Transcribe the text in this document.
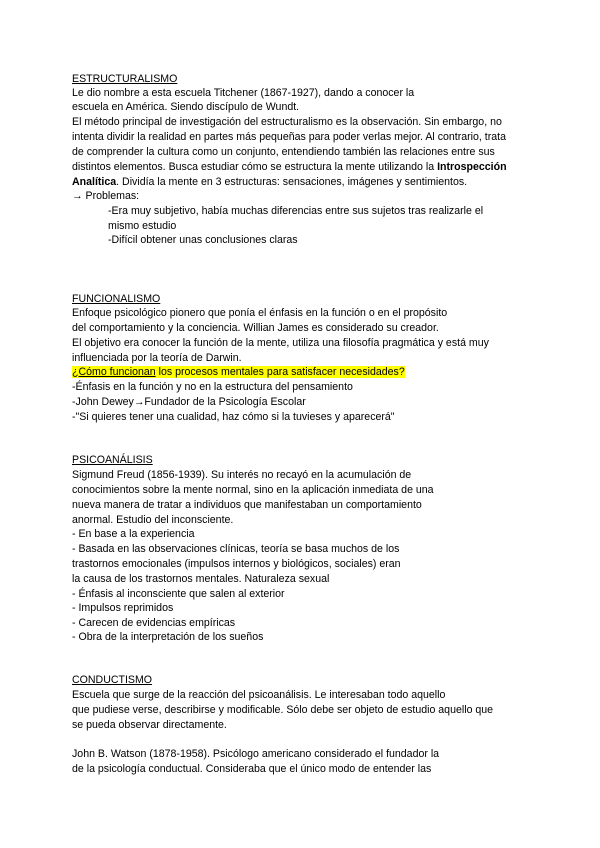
ESTRUCTURALISMO
Le dio nombre a esta escuela Titchener (1867-1927), dando a conocer la
escuela en América. Siendo discípulo de Wundt.
El método principal de investigación del estructuralismo es la observación. Sin embargo, no
intenta dividir la realidad en partes más pequeñas para poder verlas mejor. Al contrario, trata
de comprender la cultura como un conjunto, entendiendo también las relaciones entre sus
distintos elementos. Busca estudiar cómo se estructura la mente utilizando la Introspección
Analítica. Dividía la mente en 3 estructuras: sensaciones, imágenes y sentimientos.
→ Problemas:
-Era muy subjetivo, había muchas diferencias entre sus sujetos tras realizarle el
mismo estudio
-Difícil obtener unas conclusiones claras
FUNCIONALISMO
Enfoque psicológico pionero que ponía el énfasis en la función o en el propósito
del comportamiento y la conciencia. Willian James es considerado su creador.
El objetivo era conocer la función de la mente, utiliza una filosofía pragmática y está muy
influenciada por la teoría de Darwin.
¿Cómo funcionan los procesos mentales para satisfacer necesidades?
-Énfasis en la función y no en la estructura del pensamiento
-John Dewey→Fundador de la Psicología Escolar
-"Si quieres tener una cualidad, haz cómo si la tuvieses y aparecerá"
PSICOANÁLISIS
Sigmund Freud (1856-1939). Su interés no recayó en la acumulación de
conocimientos sobre la mente normal, sino en la aplicación inmediata de una
nueva manera de tratar a individuos que manifestaban un comportamiento
anormal. Estudio del inconsciente.
- En base a la experiencia
- Basada en las observaciones clínicas, teoría se basa muchos de los
trastornos emocionales (impulsos internos y biológicos, sociales) eran
la causa de los trastornos mentales. Naturaleza sexual
- Énfasis al inconsciente que salen al exterior
- Impulsos reprimidos
- Carecen de evidencias empíricas
- Obra de la interpretación de los sueños
CONDUCTISMO
Escuela que surge de la reacción del psicoanálisis. Le interesaban todo aquello
que pudiese verse, describirse y modificable. Sólo debe ser objeto de estudio aquello que
se pueda observar directamente.
John B. Watson (1878-1958). Psicólogo americano considerado el fundador la
de la psicología conductual. Consideraba que el único modo de entender las
